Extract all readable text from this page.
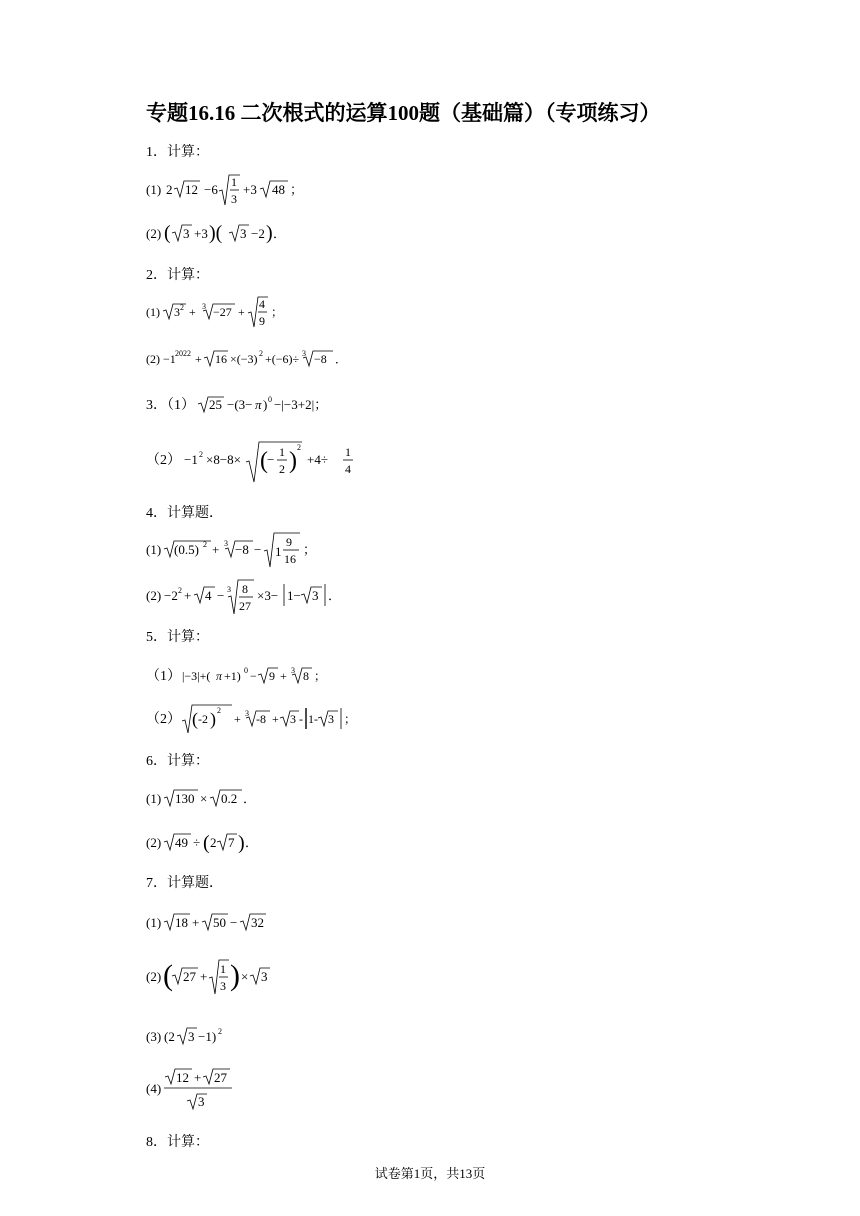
专题16.16 二次根式的运算100题（基础篇）（专项练习）
1．计算：
(1) 2 12 −6 1
3
+3 48 ；
(2) ( 3 +3 )( 3 −2 ) ．
2．计算：
(1) 3 2 + 3 −27 +
4
9
；
(2) −1 2022 + 16 ×(−3) 2 +(−6)÷ 3 −8 ．
3．（1） 25 −(3− π ) 0 −|−3+2|；
（2） −1 2 ×8−8× ( − 1
2 )
2
+4÷ 1
4
4．计算题．
(1) (0.5) 2 + 3 −8 − 1
9
16
；
(2) −2 2 + 4 − 3 8
27
×3− 1− 3 ．
5．计算：
（1） |−3|+( π +1) 0 − 9 + 3 8 ；
（2） ( -2 ) 2
+ 3 -8 + 3 - 1- 3 ；
6．计算：
(1) 130 × 0.2 ．
(2) 49 ÷ ( 2 7 ) ．
7．计算题．
(1) 18 + 50 − 32
(2) ( 27 + 1
3 ) × 3
(3) (2 3 −1) 2
(4)
12 + 27
3
8．计算：
试卷第1页，共13页
